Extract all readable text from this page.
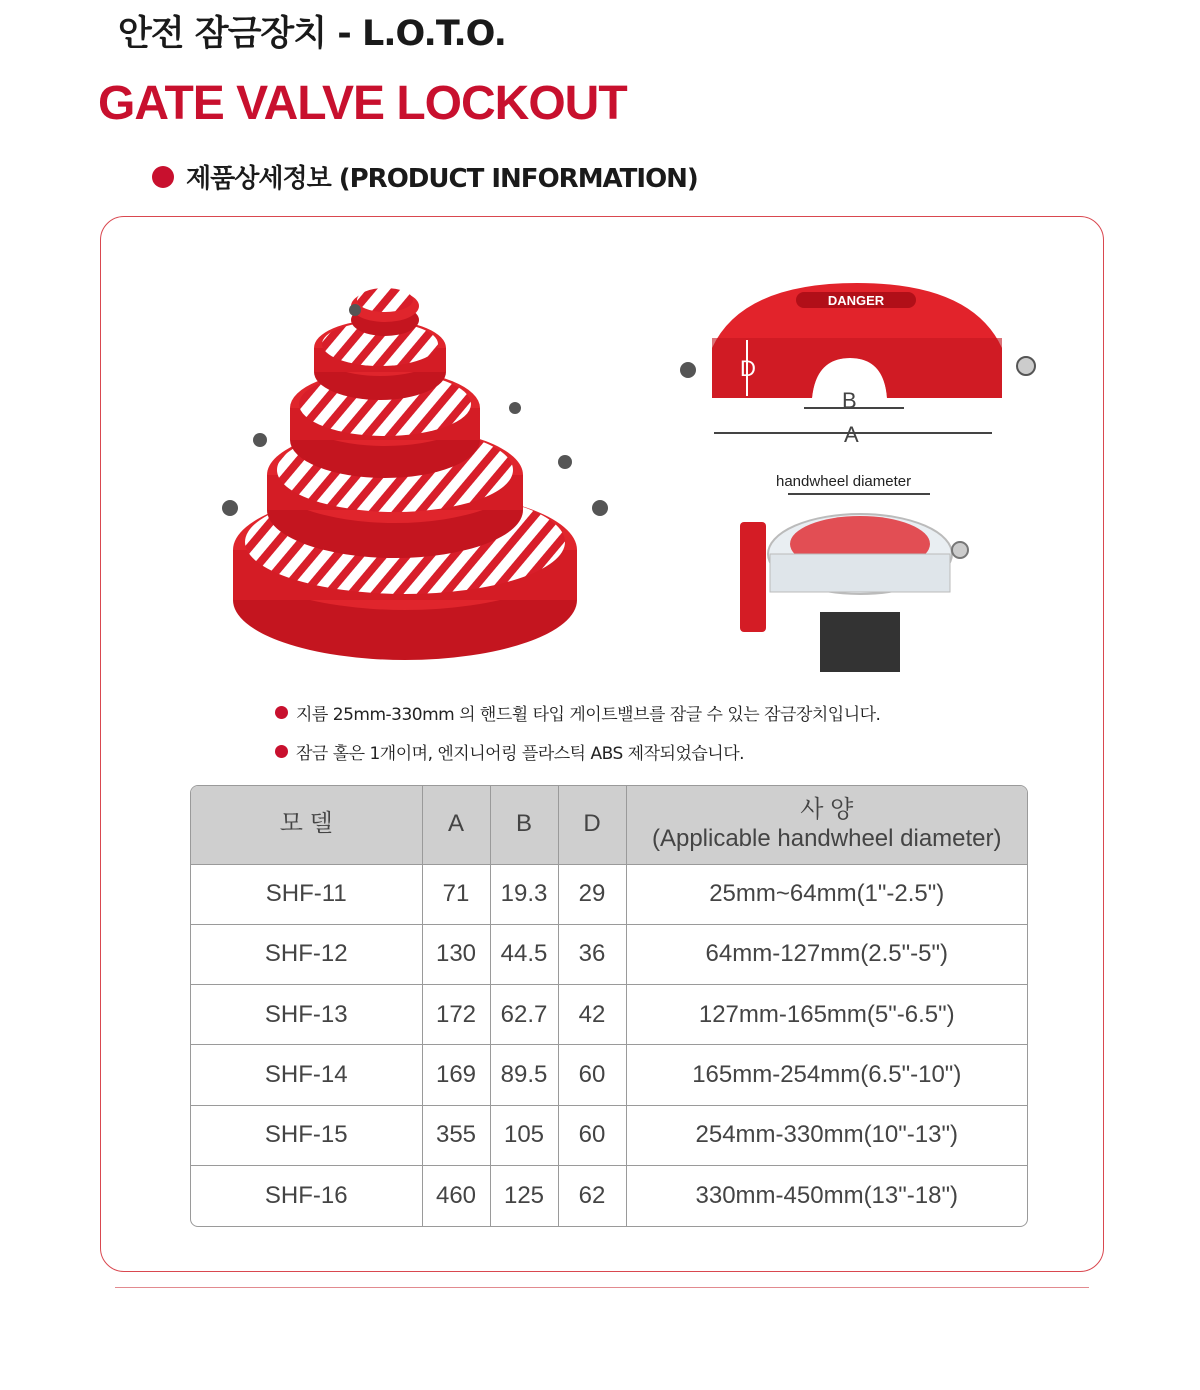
안전 잠금장치 - L.O.T.O.
GATE VALVE LOCKOUT
제품상세정보 (PRODUCT INFORMATION)
DANGER
D
B
A
handwheel diameter
지름 25mm-330mm 의 핸드휠 타입 게이트밸브를 잠글 수 있는 잠금장치입니다.
잠금 홀은 1개이며, 엔지니어링 플라스틱 ABS 제작되었습니다.
모 델	A	B	D	사 양
(Applicable handwheel diameter)

SHF-11	71	19.3	29	25mm~64mm(1"-2.5")
SHF-12	130	44.5	36	64mm-127mm(2.5"-5")
SHF-13	172	62.7	42	127mm-165mm(5"-6.5")
SHF-14	169	89.5	60	165mm-254mm(6.5"-10")
SHF-15	355	105	60	254mm-330mm(10"-13")
SHF-16	460	125	62	330mm-450mm(13"-18")
